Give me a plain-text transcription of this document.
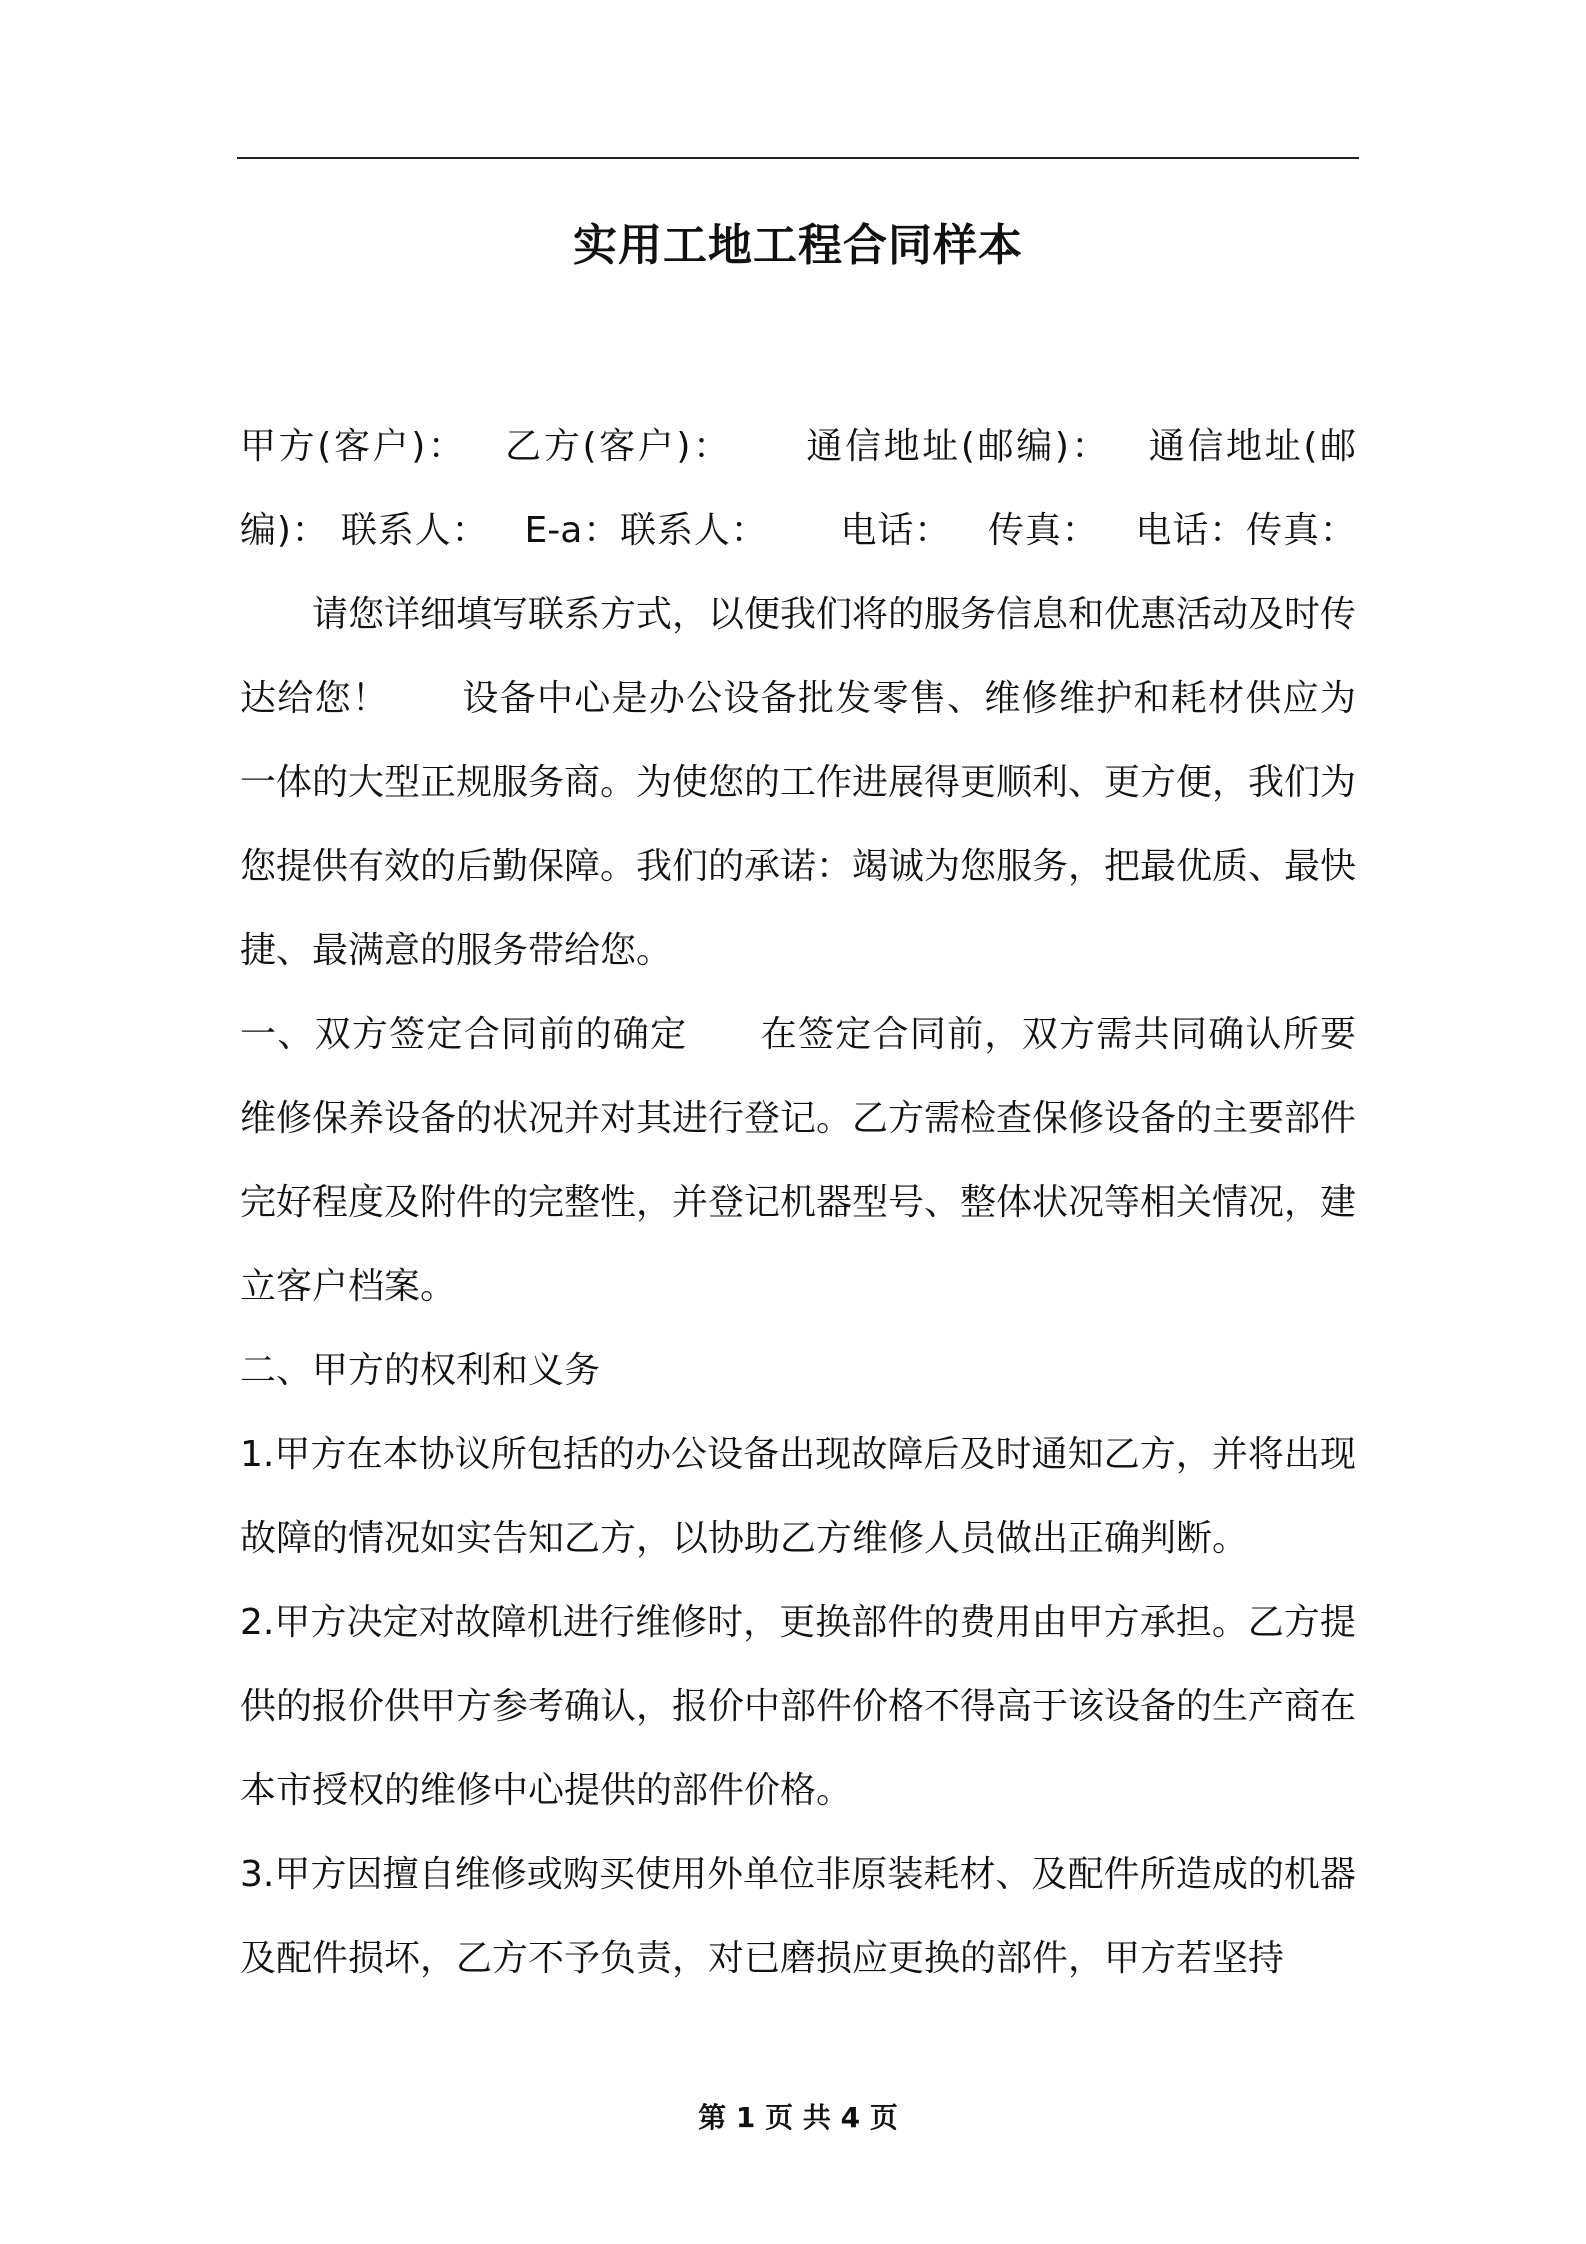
实用工地工程合同样本

甲方(客户)： 乙方(客户)： 通信地址(邮编)： 通信地址(邮编)： 联系人： E-a：联系人： 电话： 传真： 电话：传真：请您详细填写联系方式，以便我们将的服务信息和优惠活动及时传达给您！ 设备中心是办公设备批发零售、维修维护和耗材供应为一体的大型正规服务商。为使您的工作进展得更顺利、更方便，我们为您提供有效的后勤保障。我们的承诺：竭诚为您服务，把最优质、最快捷、最满意的服务带给您。

一、双方签定合同前的确定 在签定合同前，双方需共同确认所要维修保养设备的状况并对其进行登记。乙方需检查保修设备的主要部件完好程度及附件的完整性，并登记机器型号、整体状况等相关情况，建立客户档案。

二、甲方的权利和义务

1.甲方在本协议所包括的办公设备出现故障后及时通知乙方，并将出现故障的情况如实告知乙方，以协助乙方维修人员做出正确判断。

2.甲方决定对故障机进行维修时，更换部件的费用由甲方承担。乙方提供的报价供甲方参考确认，报价中部件价格不得高于该设备的生产商在本市授权的维修中心提供的部件价格。

3.甲方因擅自维修或购买使用外单位非原装耗材、及配件所造成的机器及配件损坏，乙方不予负责，对已磨损应更换的部件，甲方若坚持

第 1 页 共 4 页
